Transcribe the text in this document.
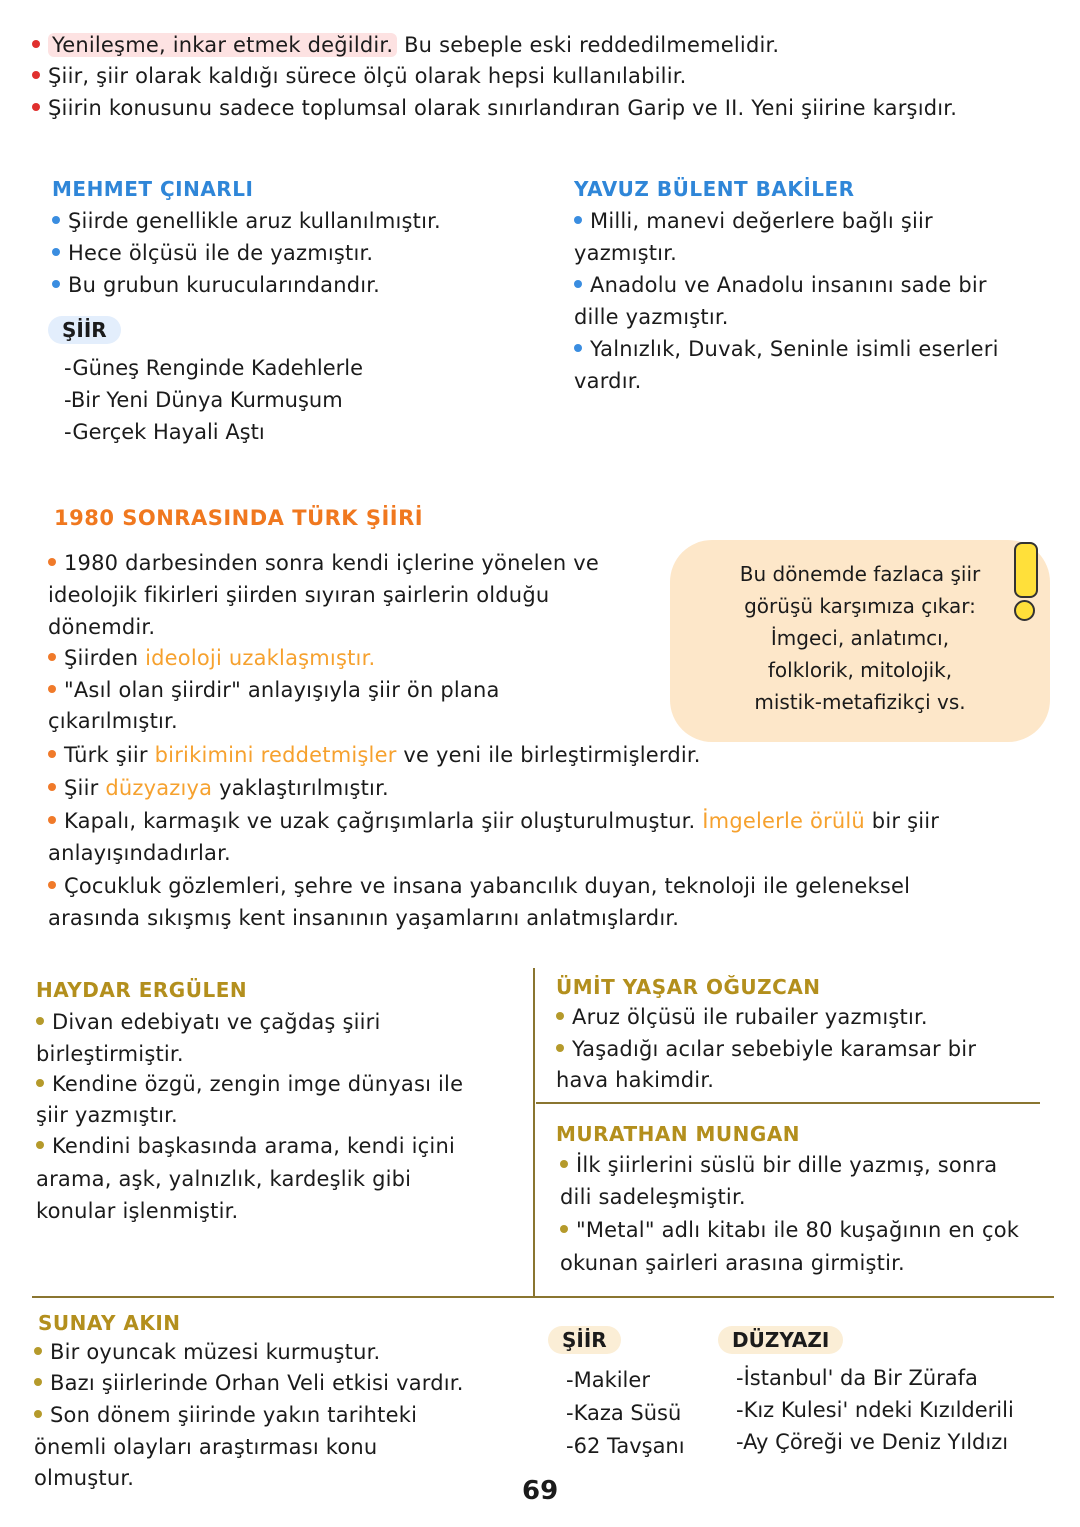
Yenileşme, inkar etmek değildir. Bu sebeple eski reddedilmemelidir.
Şiir, şiir olarak kaldığı sürece ölçü olarak hepsi kullanılabilir.
Şiirin konusunu sadece toplumsal olarak sınırlandıran Garip ve II. Yeni şiirine karşıdır.
MEHMET ÇINARLI
Şiirde genellikle aruz kullanılmıştır.
Hece ölçüsü ile de yazmıştır.
Bu grubun kurucularındandır.
ŞİİR
-Güneş Renginde Kadehlerle
-Bir Yeni Dünya Kurmuşum
-Gerçek Hayali Aştı
YAVUZ BÜLENT BAKİLER
Milli, manevi değerlere bağlı şiir
yazmıştır.
Anadolu ve Anadolu insanını sade bir
dille yazmıştır.
Yalnızlık, Duvak, Seninle isimli eserleri
vardır.
1980 SONRASINDA TÜRK ŞİİRİ
1980 darbesinden sonra kendi içlerine yönelen ve
ideolojik fikirleri şiirden sıyıran şairlerin olduğu
dönemdir.
Şiirden ideoloji uzaklaşmıştır.
"Asıl olan şiirdir" anlayışıyla şiir ön plana
çıkarılmıştır.
Türk şiir birikimini reddetmişler ve yeni ile birleştirmişlerdir.
Şiir düzyazıya yaklaştırılmıştır.
Kapalı, karmaşık ve uzak çağrışımlarla şiir oluşturulmuştur. İmgelerle örülü bir şiir
anlayışındadırlar.
Çocukluk gözlemleri, şehre ve insana yabancılık duyan, teknoloji ile geleneksel
arasında sıkışmış kent insanının yaşamlarını anlatmışlardır.
Bu dönemde fazlaca şiir
görüşü karşımıza çıkar:
İmgeci, anlatımcı,
folklorik, mitolojik,
mistik-metafizikçi vs.
HAYDAR ERGÜLEN
Divan edebiyatı ve çağdaş şiiri
birleştirmiştir.
Kendine özgü, zengin imge dünyası ile
şiir yazmıştır.
Kendini başkasında arama, kendi içini
arama, aşk, yalnızlık, kardeşlik gibi
konular işlenmiştir.
ÜMİT YAŞAR OĞUZCAN
Aruz ölçüsü ile rubailer yazmıştır.
Yaşadığı acılar sebebiyle karamsar bir
hava hakimdir.
MURATHAN MUNGAN
İlk şiirlerini süslü bir dille yazmış, sonra
dili sadeleşmiştir.
"Metal" adlı kitabı ile 80 kuşağının en çok
okunan şairleri arasına girmiştir.
SUNAY AKIN
Bir oyuncak müzesi kurmuştur.
Bazı şiirlerinde Orhan Veli etkisi vardır.
Son dönem şiirinde yakın tarihteki
önemli olayları araştırması konu
olmuştur.
ŞİİR
-Makiler
-Kaza Süsü
-62 Tavşanı
DÜZYAZI
-İstanbul' da Bir Zürafa
-Kız Kulesi' ndeki Kızılderili
-Ay Çöreği ve Deniz Yıldızı
69
